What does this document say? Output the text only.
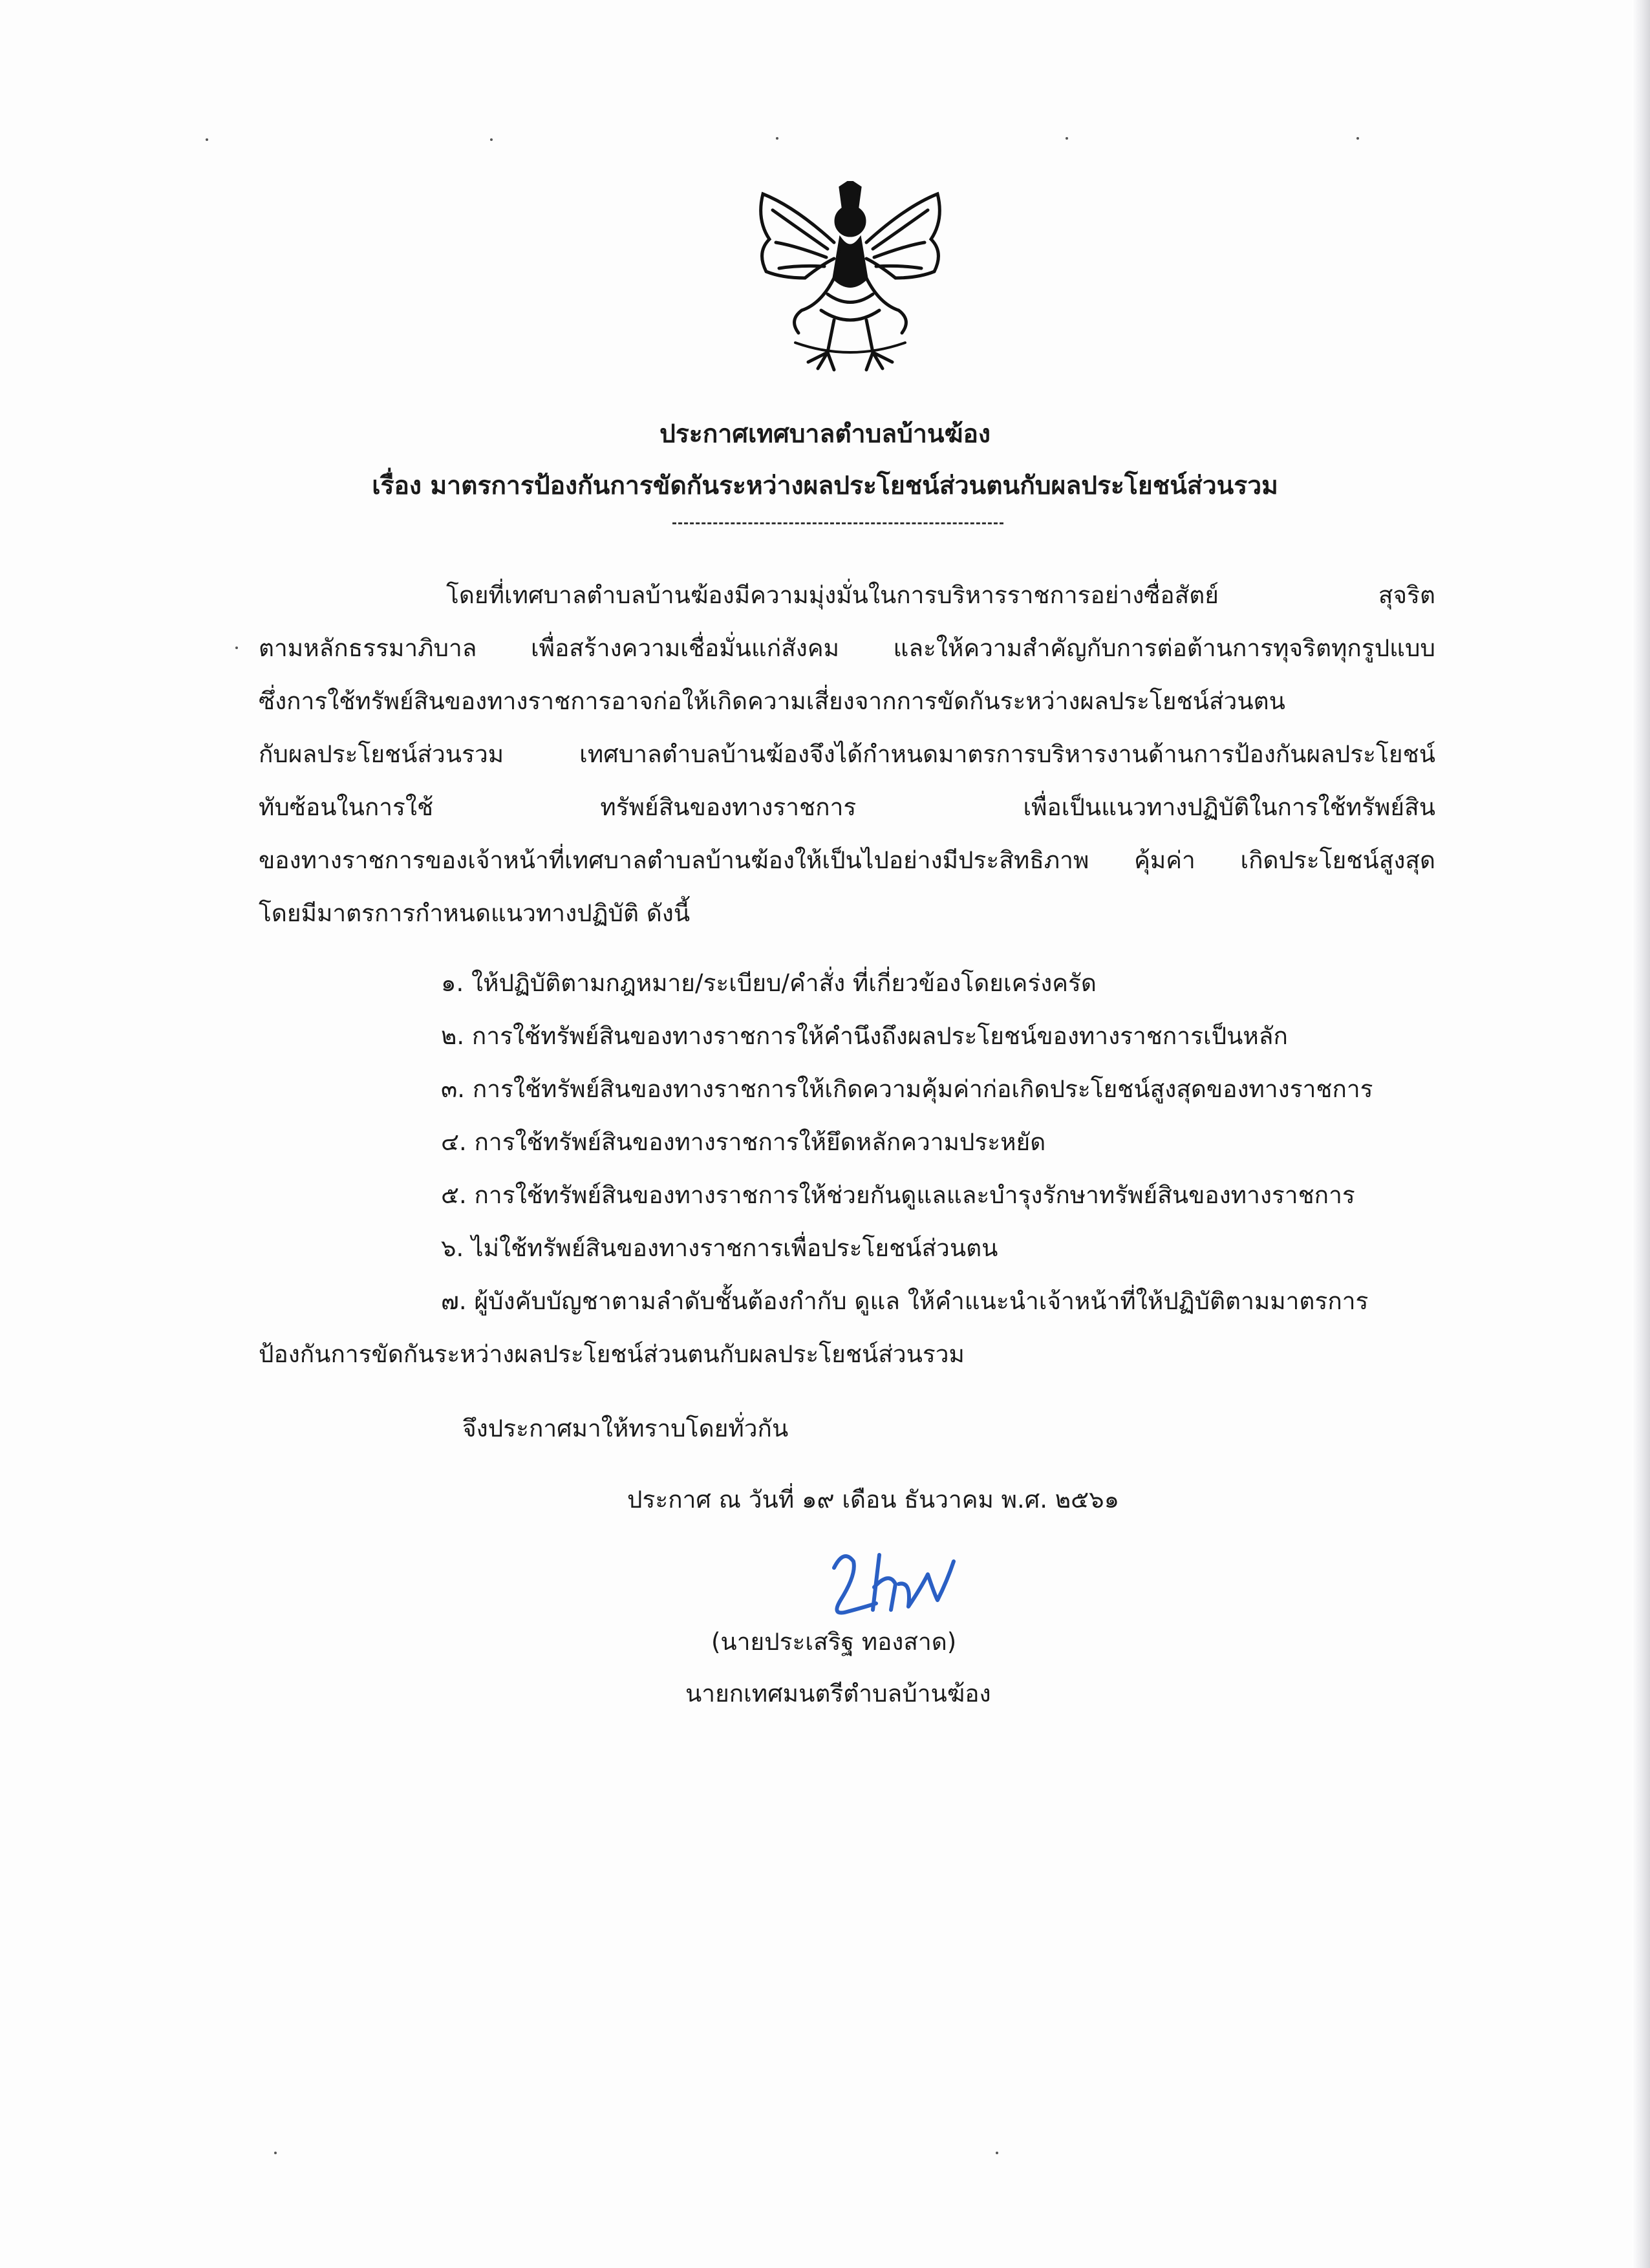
ประกาศเทศบาลตำบลบ้านฆ้อง
เรื่อง มาตรการป้องกันการขัดกันระหว่างผลประโยชน์ส่วนตนกับผลประโยชน์ส่วนรวม
โดยที่เทศบาลตำบลบ้านฆ้องมีความมุ่งมั่นในการบริหารราชการอย่างซื่อสัตย์ สุจริต
ตามหลักธรรมาภิบาล เพื่อสร้างความเชื่อมั่นแก่สังคม และให้ความสำคัญกับการต่อต้านการทุจริตทุกรูปแบบ
ซึ่งการใช้ทรัพย์สินของทางราชการอาจก่อให้เกิดความเสี่ยงจากการขัดกันระหว่างผลประโยชน์ส่วนตน
กับผลประโยชน์ส่วนรวม เทศบาลตำบลบ้านฆ้องจึงได้กำหนดมาตรการบริหารงานด้านการป้องกันผลประโยชน์
ทับซ้อนในการใช้ ทรัพย์สินของทางราชการ เพื่อเป็นแนวทางปฏิบัติในการใช้ทรัพย์สิน
ของทางราชการของเจ้าหน้าที่เทศบาลตำบลบ้านฆ้องให้เป็นไปอย่างมีประสิทธิภาพ คุ้มค่า เกิดประโยชน์สูงสุด
โดยมีมาตรการกำหนดแนวทางปฏิบัติ ดังนี้
๑. ให้ปฏิบัติตามกฎหมาย/ระเบียบ/คำสั่ง ที่เกี่ยวข้องโดยเคร่งครัด
๒. การใช้ทรัพย์สินของทางราชการให้คำนึงถึงผลประโยชน์ของทางราชการเป็นหลัก
๓. การใช้ทรัพย์สินของทางราชการให้เกิดความคุ้มค่าก่อเกิดประโยชน์สูงสุดของทางราชการ
๔. การใช้ทรัพย์สินของทางราชการให้ยึดหลักความประหยัด
๕. การใช้ทรัพย์สินของทางราชการให้ช่วยกันดูแลและบำรุงรักษาทรัพย์สินของทางราชการ
๖. ไม่ใช้ทรัพย์สินของทางราชการเพื่อประโยชน์ส่วนตน
๗. ผู้บังคับบัญชาตามลำดับชั้นต้องกำกับ ดูแล ให้คำแนะนำเจ้าหน้าที่ให้ปฏิบัติตามมาตรการ
ป้องกันการขัดกันระหว่างผลประโยชน์ส่วนตนกับผลประโยชน์ส่วนรวม
จึงประกาศมาให้ทราบโดยทั่วกัน
ประกาศ ณ วันที่ ๑๙ เดือน ธันวาคม พ.ศ. ๒๕๖๑
(นายประเสริฐ ทองสาด)
นายกเทศมนตรีตำบลบ้านฆ้อง
